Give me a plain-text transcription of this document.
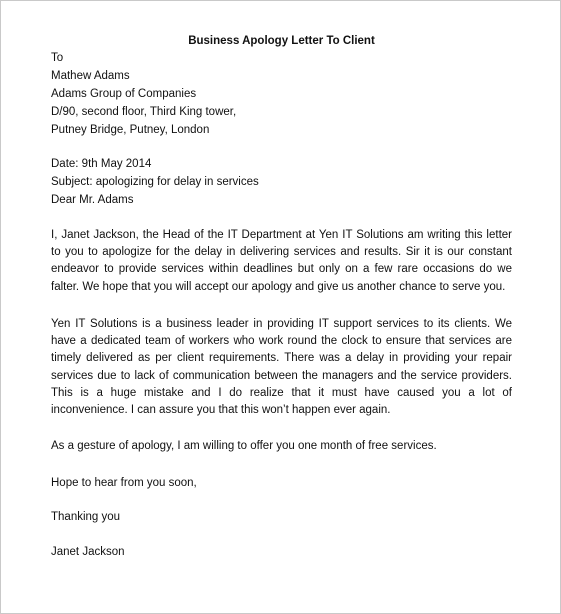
Business Apology Letter To Client
To
Mathew Adams
Adams Group of Companies
D/90, second floor, Third King tower,
Putney Bridge, Putney, London
Date: 9th May 2014
Subject: apologizing for delay in services
Dear Mr. Adams
I, Janet Jackson, the Head of the IT Department at Yen IT Solutions am writing this letter to you to apologize for the delay in delivering services and results. Sir it is our constant endeavor to provide services within deadlines but only on a few rare occasions do we falter. We hope that you will accept our apology and give us another chance to serve you.
Yen IT Solutions is a business leader in providing IT support services to its clients. We have a dedicated team of workers who work round the clock to ensure that services are timely delivered as per client requirements. There was a delay in providing your repair services due to lack of communication between the managers and the service providers. This is a huge mistake and I do realize that it must have caused you a lot of inconvenience. I can assure you that this won’t happen ever again.
As a gesture of apology, I am willing to offer you one month of free services.
Hope to hear from you soon,
Thanking you
Janet Jackson
